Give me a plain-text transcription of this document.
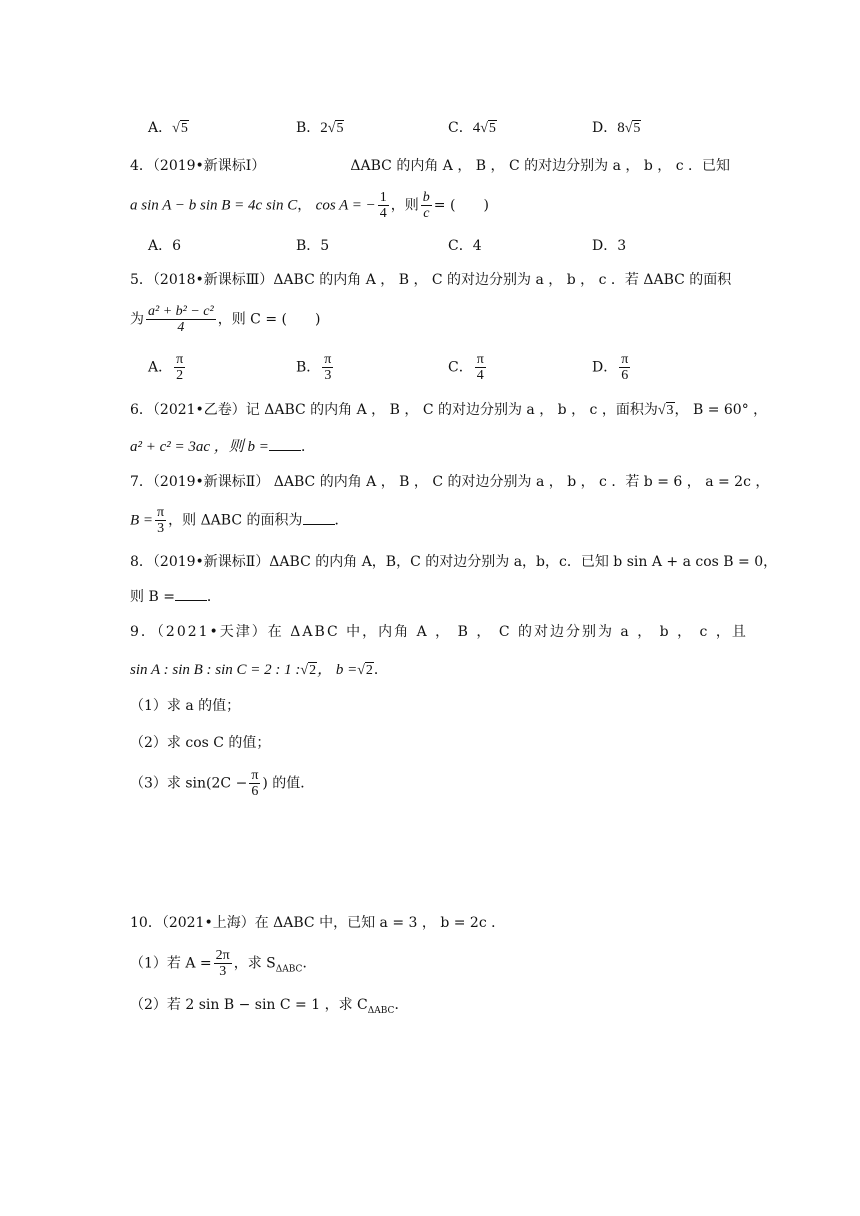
A．√5	B．2√5	C．4√5	D．8√5
4．（2019•新课标Ⅰ）	ΔABC 的内角 A ， B ， C 的对边分别为 a ， b ， c ．已知
a sin A − b sin B = 4c sin C， cos A = − $\frac{1}{4}$ ，则 $\frac{b}{c}$ = (　　)
A．6	B．5	C．4	D．3
5．（2018•新课标Ⅲ） ΔABC 的内角 A ， B ， C 的对边分别为 a ， b ， c ．若 ΔABC 的面积
为 $\frac{\text{a² + b² − c²}}{4}$ ，则 C = (　　)
A． $\frac{\pi}{2}$	B． $\frac{\pi}{3}$	C． $\frac{\pi}{4}$	D． $\frac{\pi}{6}$
6．（2021•乙卷）记 ΔABC 的内角 A ， B ， C 的对边分别为 a ， b ， c ，面积为√3， B = 60° ，
a² + c² = 3ac ，则 b = ．
7．（2019•新课标Ⅱ） ΔABC 的内角 A ， B ， C 的对边分别为 a ， b ， c ．若 b = 6 ， a = 2c ，
$B = \frac{\pi}{3}$ ，则 ΔABC 的面积为 ．
8．（2019•新课标Ⅱ）ΔABC 的内角 A，B，C 的对边分别为 a，b，c．已知 b sin A + a cos B = 0，
则 B = ．
9．（2021•天津）在 ΔABC 中，内角 A ， B ， C 的对边分别为 a ， b ， c ，且
sin A : sin B : sin C = 2 : 1 :√2， b =√2．
（1）求 a 的值；
（2）求 cos C 的值；
（3）求 $\sin(2C - \frac{\pi}{6}$ ) 的值．
10．（2021•上海）在 ΔABC 中，已知 a = 3 ， b = 2c ．
（1）若 $A = \frac{2\pi}{3}$ ，求 $S_{\Delta ABC}$．
（2）若 2 sin B − sin C = 1 ，求 $C_{\Delta ABC}$．
